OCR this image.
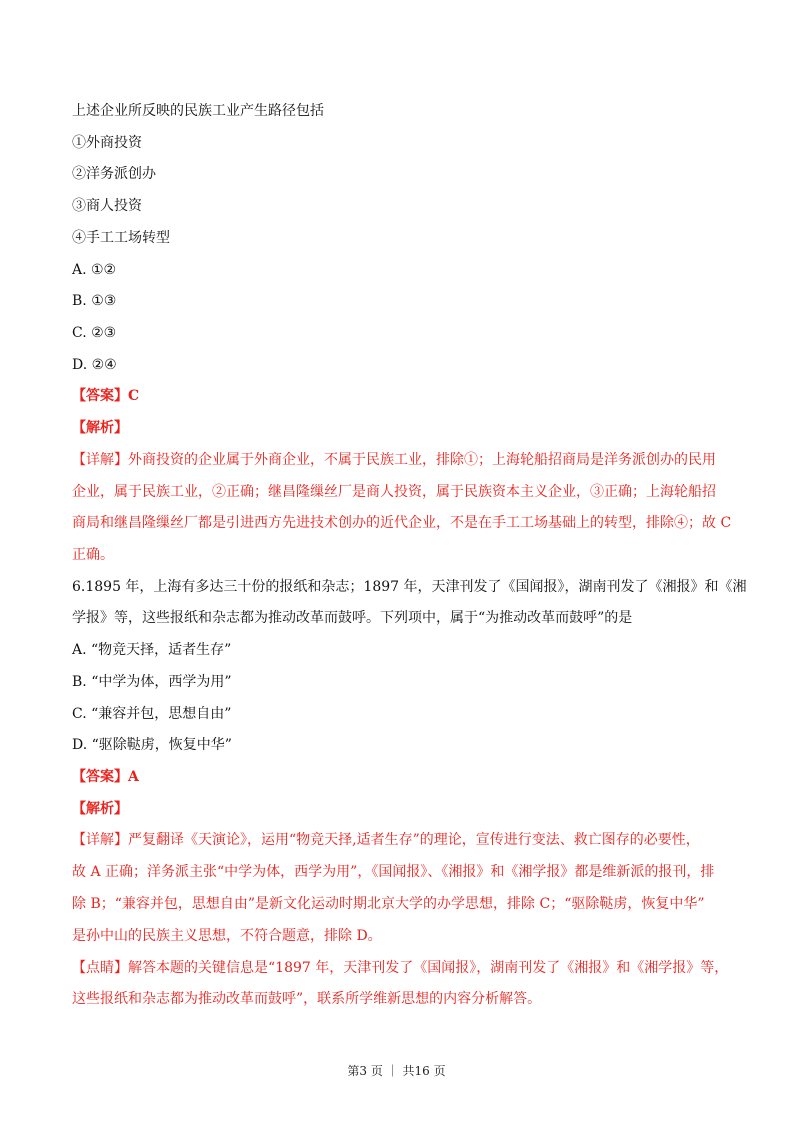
上述企业所反映的民族工业产生路径包括
①外商投资
②洋务派创办
③商人投资
④手工工场转型
A. ①②
B. ①③
C. ②③
D. ②④
【答案】C
【解析】
【详解】外商投资的企业属于外商企业，不属于民族工业，排除①；上海轮船招商局是洋务派创办的民用
企业，属于民族工业，②正确；继昌隆缫丝厂是商人投资，属于民族资本主义企业，③正确；上海轮船招
商局和继昌隆缫丝厂都是引进西方先进技术创办的近代企业，不是在手工工场基础上的转型，排除④；故 C
正确。
6.1895 年，上海有多达三十份的报纸和杂志；1897 年，天津刊发了《国闻报》，湖南刊发了《湘报》和《湘
学报》等，这些报纸和杂志都为推动改革而鼓呼。下列项中，属于“为推动改革而鼓呼”的是
A. “物竞天择，适者生存”
B. “中学为体，西学为用”
C. “兼容并包，思想自由”
D. “驱除鞑虏，恢复中华”
【答案】A
【解析】
【详解】严复翻译《天演论》，运用“物竞天择,适者生存”的理论，宣传进行变法、救亡图存的必要性，
故 A 正确；洋务派主张“中学为体，西学为用”，《国闻报》、《湘报》和《湘学报》都是维新派的报刊，排
除 B；“兼容并包，思想自由”是新文化运动时期北京大学的办学思想，排除 C；“驱除鞑虏，恢复中华”
是孙中山的民族主义思想，不符合题意，排除 D。
【点睛】解答本题的关键信息是“1897 年，天津刊发了《国闻报》，湖南刊发了《湘报》和《湘学报》等，
这些报纸和杂志都为推动改革而鼓呼”，联系所学维新思想的内容分析解答。
第3 页 ｜ 共16 页
